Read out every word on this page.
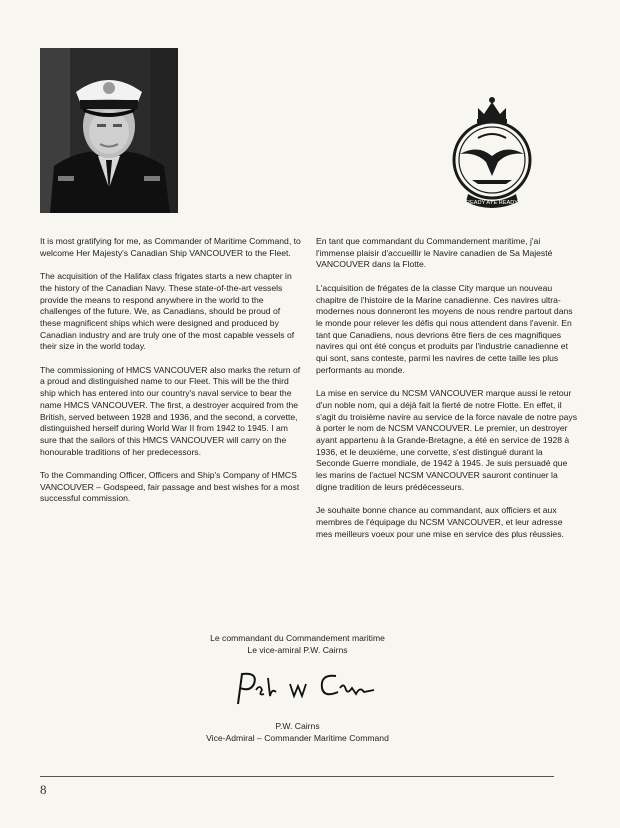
READY AYE READY

It is most gratifying for me, as Commander of Maritime Command, to welcome Her Majesty's Canadian Ship VANCOUVER to the Fleet.

The acquisition of the Halifax class frigates starts a new chapter in the history of the Canadian Navy. These state-of-the-art vessels provide the means to respond anywhere in the world to the challenges of the future. We, as Canadians, should be proud of these magnificent ships which were designed and produced by Canadian industry and are truly one of the most capable vessels of their size in the world today.

The commissioning of HMCS VANCOUVER also marks the return of a proud and distinguished name to our Fleet. This will be the third ship which has entered into our country's naval service to bear the name HMCS VANCOUVER. The first, a destroyer acquired from the British, served between 1928 and 1936, and the second, a corvette, distinguished herself during World War II from 1942 to 1945. I am sure that the sailors of this HMCS VANCOUVER will carry on the honourable traditions of her predecessors.

To the Commanding Officer, Officers and Ship's Company of HMCS VANCOUVER – Godspeed, fair passage and best wishes for a most successful commission.

En tant que commandant du Commandement maritime, j'ai l'immense plaisir d'accueillir le Navire canadien de Sa Majesté VANCOUVER dans la Flotte.

L'acquisition de frégates de la classe City marque un nouveau chapitre de l'histoire de la Marine canadienne. Ces navires ultra-modernes nous donneront les moyens de nous rendre partout dans le monde pour relever les défis qui nous attendent dans l'avenir. En tant que Canadiens, nous devrions être fiers de ces magnifiques navires qui ont été conçus et produits par l'industrie canadienne et qui sont, sans conteste, parmi les navires de cette taille les plus performants au monde.

La mise en service du NCSM VANCOUVER marque aussi le retour d'un noble nom, qui a déjà fait la fierté de notre Flotte. En effet, il s'agit du troisième navire au service de la force navale de notre pays à porter le nom de NCSM VANCOUVER. Le premier, un destroyer ayant appartenu à la Grande-Bretagne, a été en service de 1928 à 1936, et le deuxième, une corvette, s'est distingué durant la Seconde Guerre mondiale, de 1942 à 1945. Je suis persuadé que les marins de l'actuel NCSM VANCOUVER sauront continuer la digne tradition de leurs prédécesseurs.

Je souhaite bonne chance au commandant, aux officiers et aux membres de l'équipage du NCSM VANCOUVER, et leur adresse mes meilleurs voeux pour une mise en service des plus réussies.

Le commandant du Commandement maritime
Le vice-amiral P.W. Cairns
P.W. Cairns
Vice-Admiral – Commander Maritime Command
8
